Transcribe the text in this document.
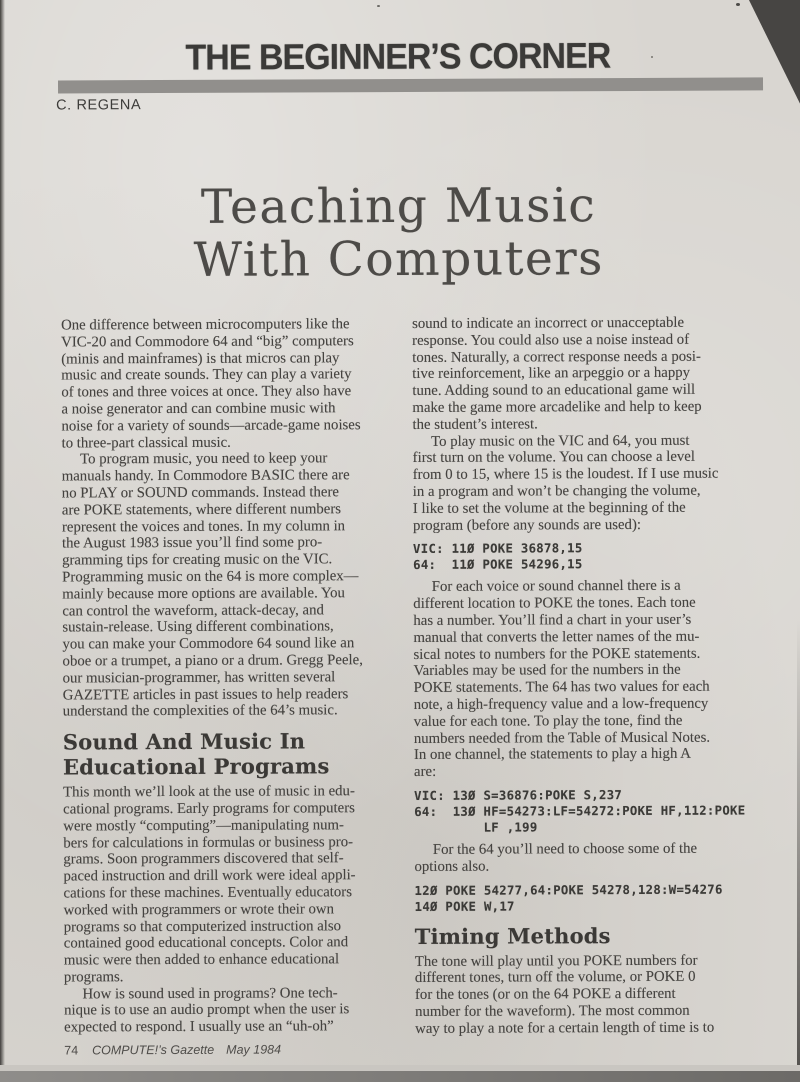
THE BEGINNER’S CORNER
C. REGENA
Teaching Music
With Computers

One difference between microcomputers like the
VIC-20 and Commodore 64 and “big” computers
(minis and mainframes) is that micros can play
music and create sounds. They can play a variety
of tones and three voices at once. They also have
a noise generator and can combine music with
noise for a variety of sounds—arcade-game noises
to three-part classical music.

To program music, you need to keep your
manuals handy. In Commodore BASIC there are
no PLAY or SOUND commands. Instead there
are POKE statements, where different numbers
represent the voices and tones. In my column in
the August 1983 issue you’ll find some pro-
gramming tips for creating music on the VIC.
Programming music on the 64 is more complex—
mainly because more options are available. You
can control the waveform, attack-decay, and
sustain-release. Using different combinations,
you can make your Commodore 64 sound like an
oboe or a trumpet, a piano or a drum. Gregg Peele,
our musician-programmer, has written several
GAZETTE articles in past issues to help readers
understand the complexities of the 64’s music.

Sound And Music In
Educational Programs

This month we’ll look at the use of music in edu-
cational programs. Early programs for computers
were mostly “computing”—manipulating num-
bers for calculations in formulas or business pro-
grams. Soon programmers discovered that self-
paced instruction and drill work were ideal appli-
cations for these machines. Eventually educators
worked with programmers or wrote their own
programs so that computerized instruction also
contained good educational concepts. Color and
music were then added to enhance educational
programs.

How is sound used in programs? One tech-
nique is to use an audio prompt when the user is
expected to respond. I usually use an “uh-oh”

sound to indicate an incorrect or unacceptable
response. You could also use a noise instead of
tones. Naturally, a correct response needs a posi-
tive reinforcement, like an arpeggio or a happy
tune. Adding sound to an educational game will
make the game more arcadelike and help to keep
the student’s interest.

To play music on the VIC and 64, you must
first turn on the volume. You can choose a level
from 0 to 15, where 15 is the loudest. If I use music
in a program and won’t be changing the volume,
I like to set the volume at the beginning of the
program (before any sounds are used):

VIC: 11Ø POKE 36878,15
64:  11Ø POKE 54296,15

For each voice or sound channel there is a
different location to POKE the tones. Each tone
has a number. You’ll find a chart in your user’s
manual that converts the letter names of the mu-
sical notes to numbers for the POKE statements.
Variables may be used for the numbers in the
POKE statements. The 64 has two values for each
note, a high-frequency value and a low-frequency
value for each tone. To play the tone, find the
numbers needed from the Table of Musical Notes.
In one channel, the statements to play a high A
are:

VIC: 13Ø S=36876:POKE S,237
64:  13Ø HF=54273:LF=54272:POKE HF,112:POKE
LF ,199

For the 64 you’ll need to choose some of the
options also.

12Ø POKE 54277,64:POKE 54278,128:W=54276
14Ø POKE W,17
Timing Methods

The tone will play until you POKE numbers for
different tones, turn off the volume, or POKE 0
for the tones (or on the 64 POKE a different
number for the waveform). The most common
way to play a note for a certain length of time is to

74 COMPUTE!’s Gazette May 1984
